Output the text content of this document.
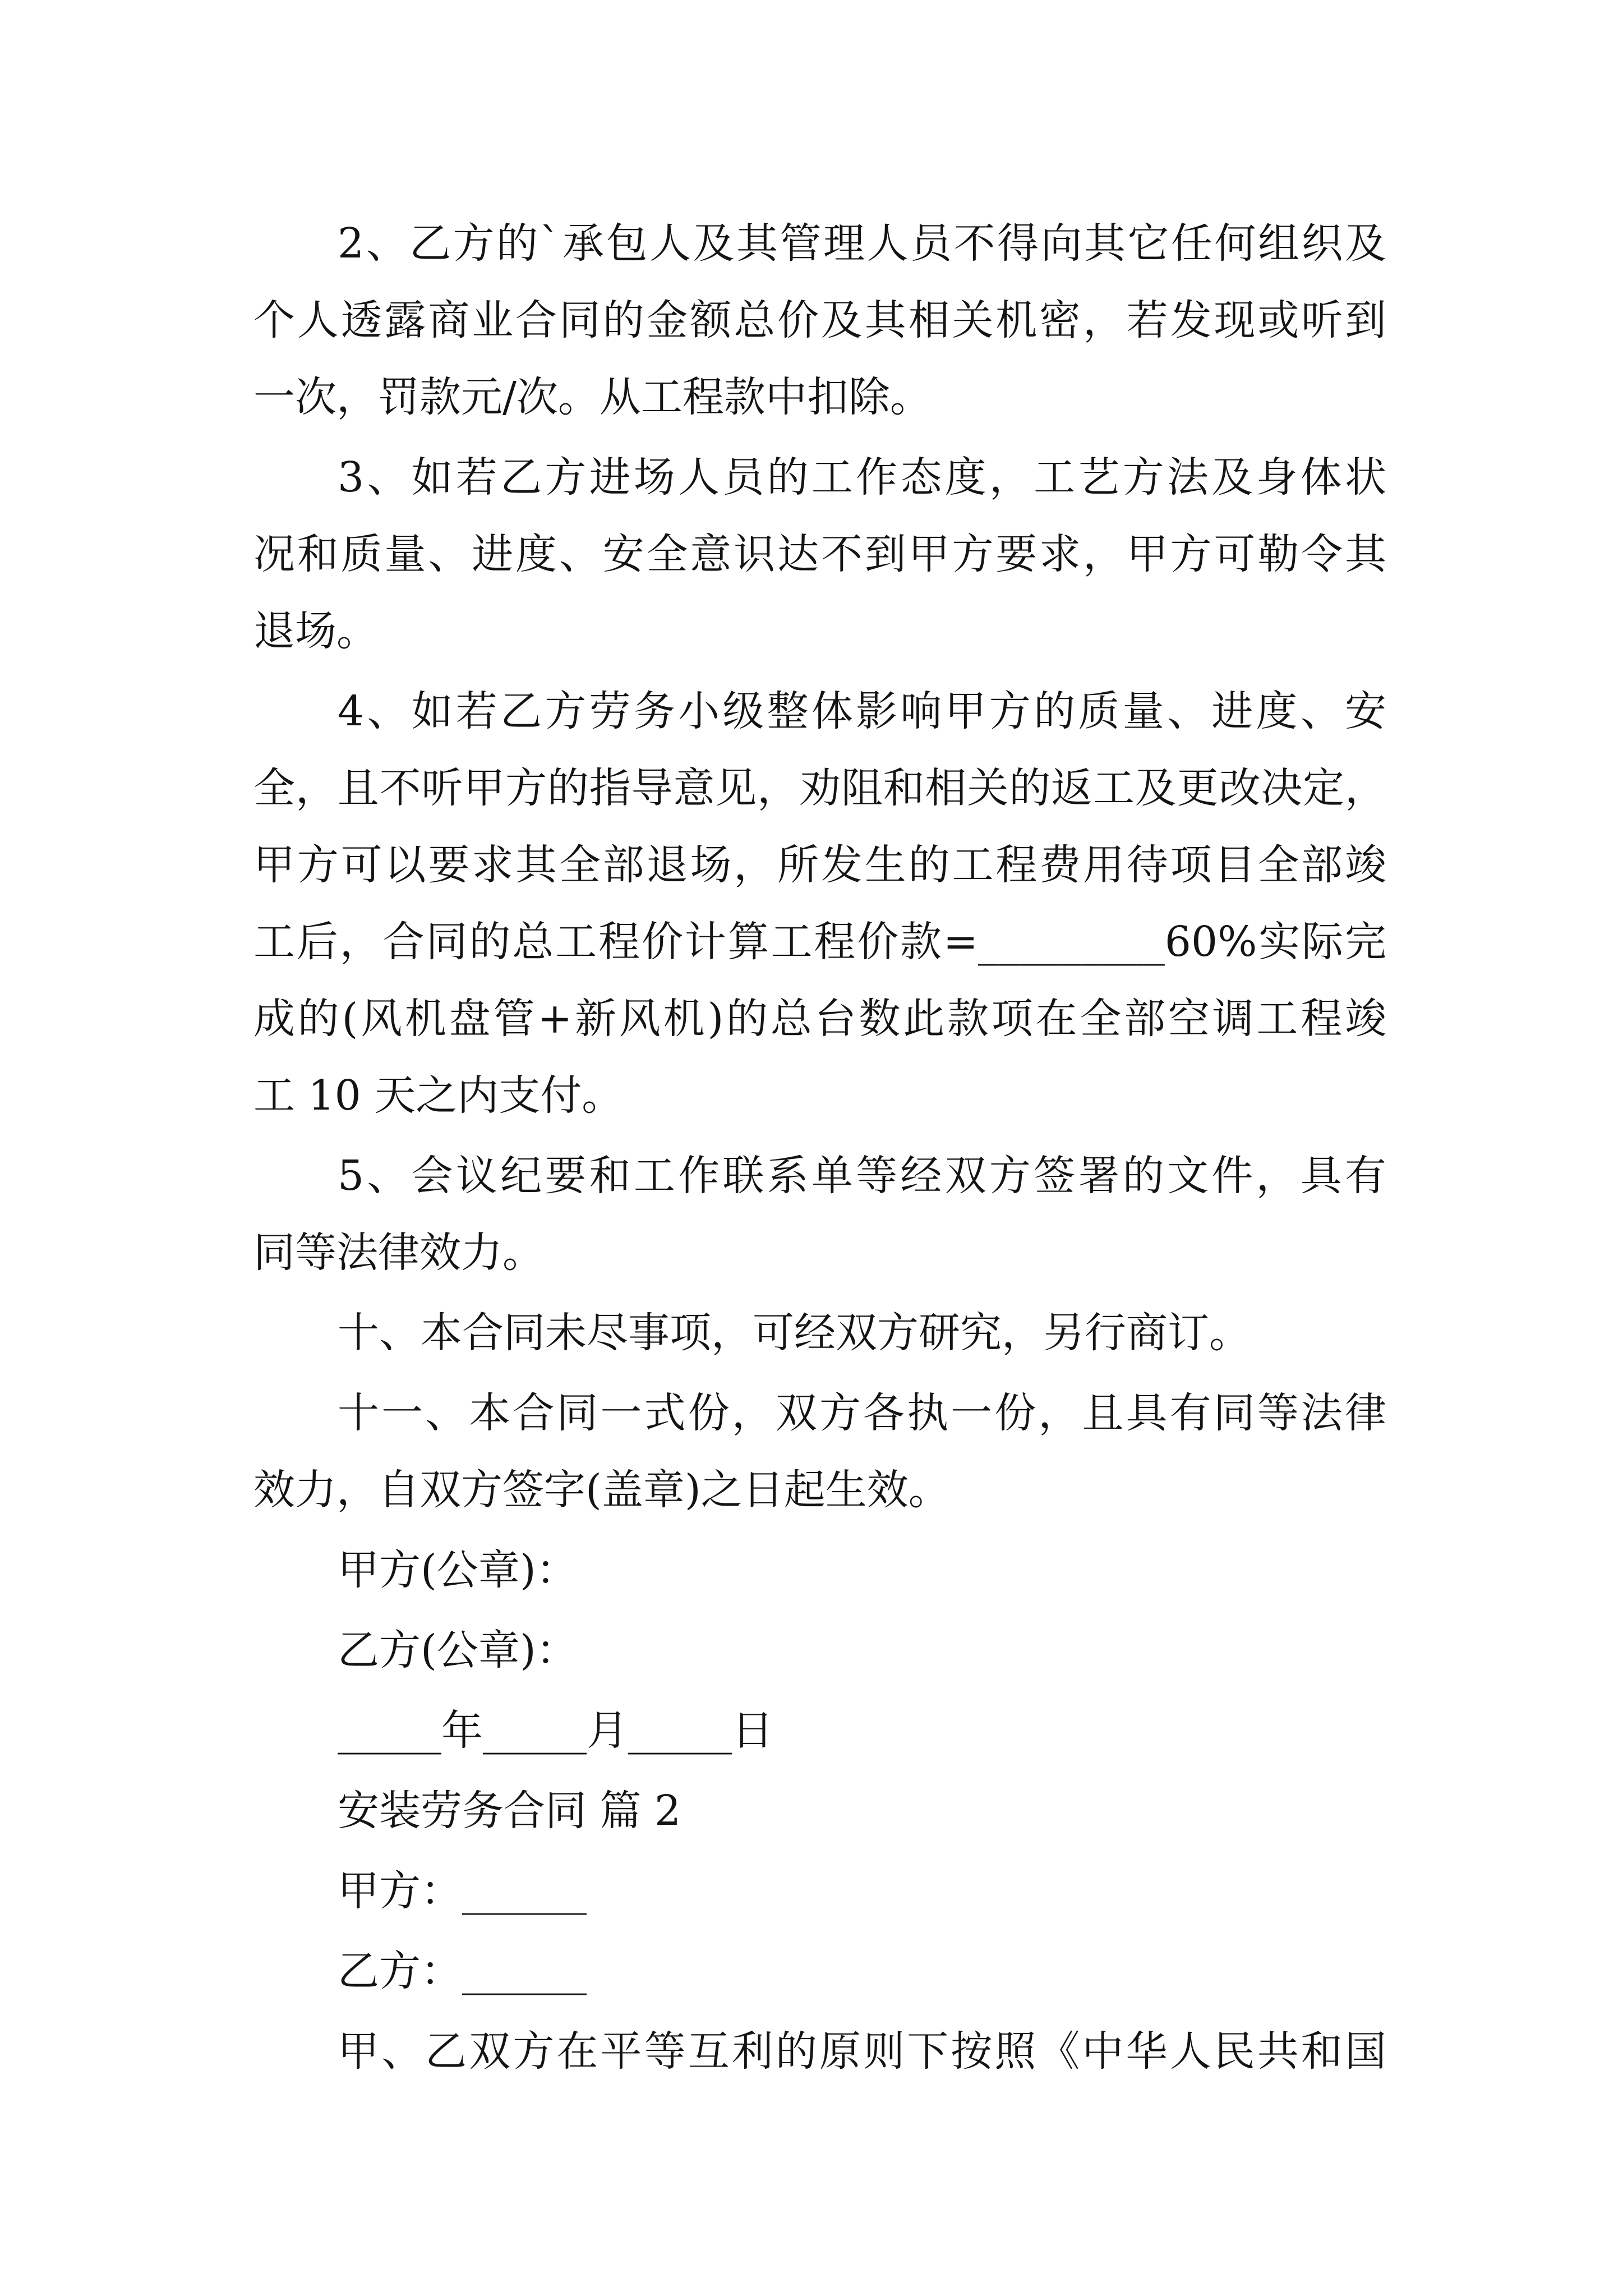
2、乙方的`承包人及其管理人员不得向其它任何组织及
个人透露商业合同的金额总价及其相关机密，若发现或听到
一次，罚款元/次。从工程款中扣除。
3、如若乙方进场人员的工作态度，工艺方法及身体状
况和质量、进度、安全意识达不到甲方要求，甲方可勒令其
退场。
4、如若乙方劳务小级整体影响甲方的质量、进度、安
全，且不听甲方的指导意见，劝阻和相关的返工及更改决定，
甲方可以要求其全部退场，所发生的工程费用待项目全部竣
工后，合同的总工程价计算工程价款=_________60%实际完
成的(风机盘管+新风机)的总台数此款项在全部空调工程竣
工 10 天之内支付。
5、会议纪要和工作联系单等经双方签署的文件，具有
同等法律效力。
十、本合同未尽事项，可经双方研究，另行商订。
十一、本合同一式份，双方各执一份，且具有同等法律
效力，自双方签字(盖章)之日起生效。
甲方(公章)：
乙方(公章)：
_____年_____月_____日
安装劳务合同 篇 2
甲方：______
乙方：______
甲、乙双方在平等互利的原则下按照《中华人民共和国
